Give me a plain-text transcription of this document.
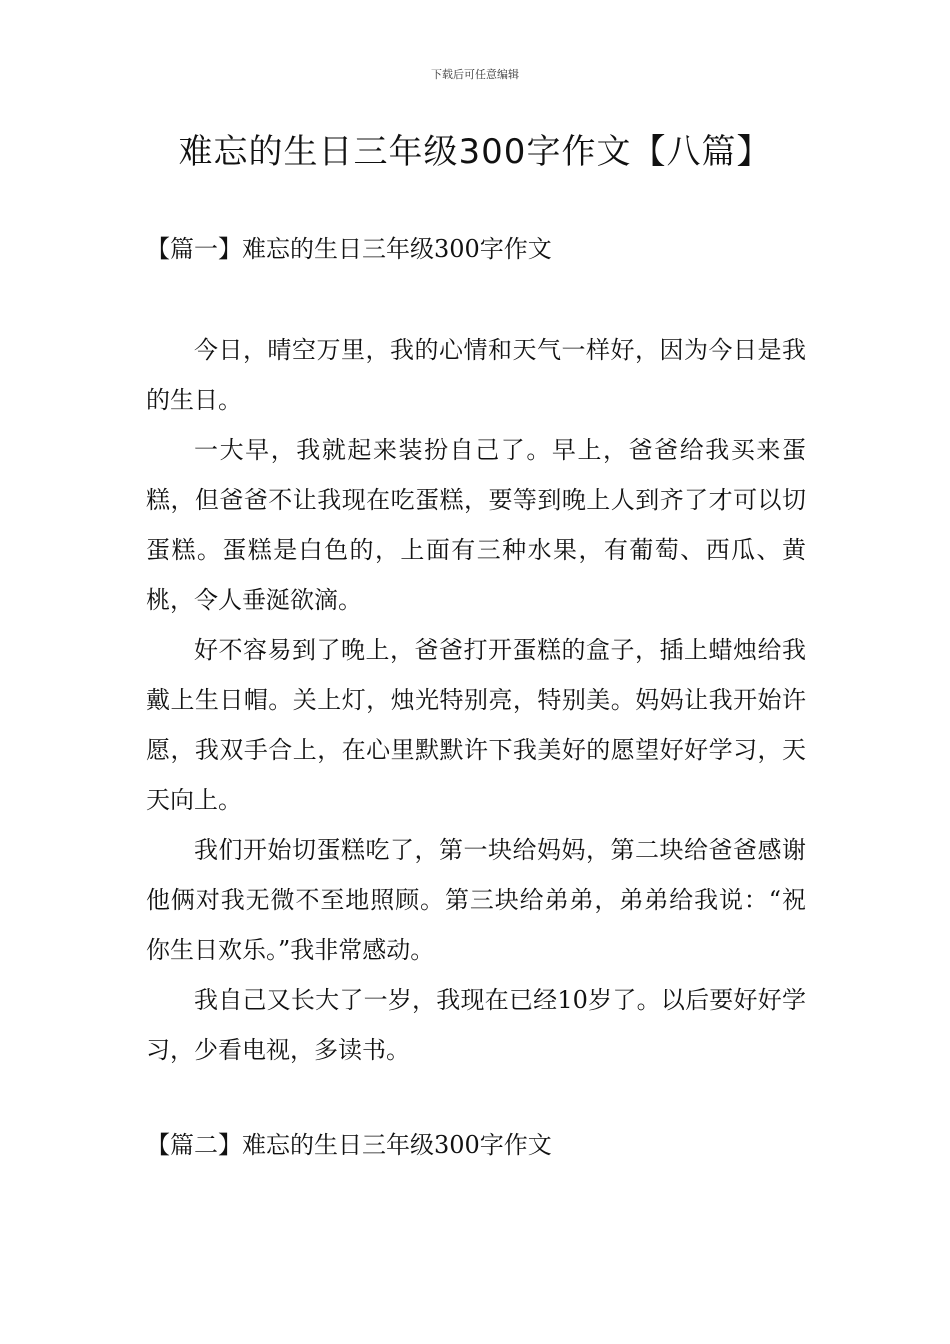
下载后可任意编辑
难忘的生日三年级300字作文【八篇】
【篇一】难忘的生日三年级300字作文

今日，晴空万里，我的心情和天气一样好，因为今日是我的生日。

一大早，我就起来装扮自己了。早上，爸爸给我买来蛋糕，但爸爸不让我现在吃蛋糕，要等到晚上人到齐了才可以切蛋糕。蛋糕是白色的，上面有三种水果，有葡萄、西瓜、黄桃，令人垂涎欲滴。

好不容易到了晚上，爸爸打开蛋糕的盒子，插上蜡烛给我戴上生日帽。关上灯，烛光特别亮，特别美。妈妈让我开始许愿，我双手合上，在心里默默许下我美好的愿望好好学习，天天向上。

我们开始切蛋糕吃了，第一块给妈妈，第二块给爸爸感谢他俩对我无微不至地照顾。第三块给弟弟，弟弟给我说：“祝你生日欢乐。”我非常感动。

我自己又长大了一岁，我现在已经10岁了。以后要好好学习，少看电视，多读书。

【篇二】难忘的生日三年级300字作文
